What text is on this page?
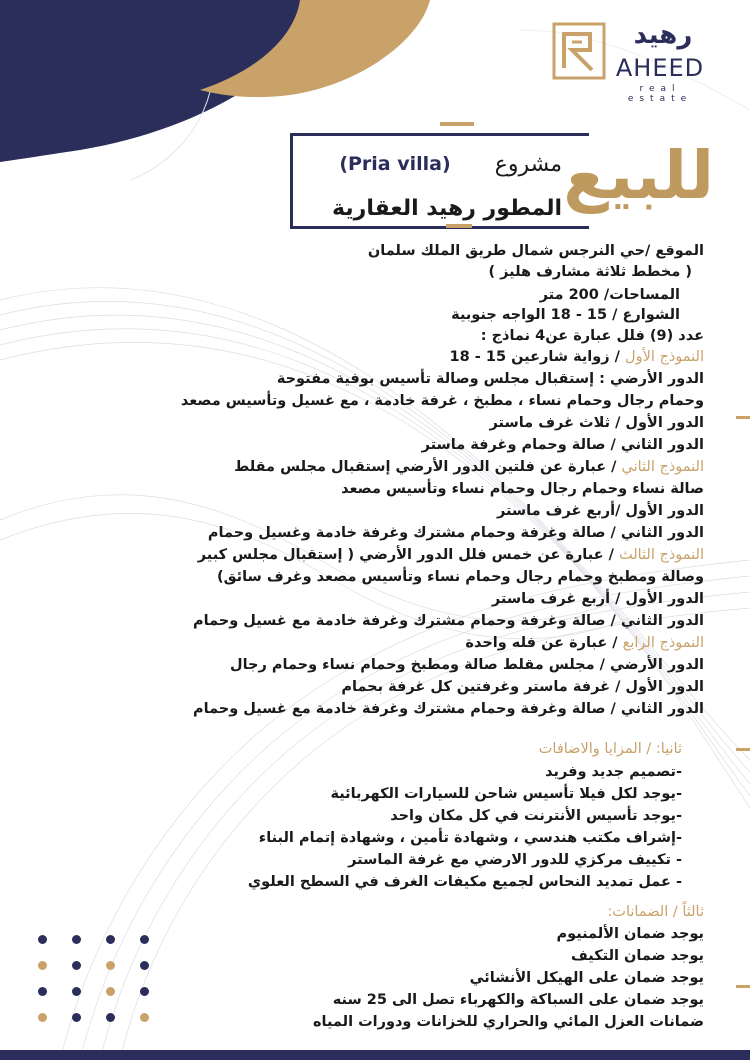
رهيد
AHEED
real estate
للبيع
(Pria villa)	مشروع
المطور رهيد العقارية
الموقع /حي النرجس شمال طريق الملك سلمان
( مخطط ثلاثة مشارف هليز )
المساحات/ 200 متر
الشوارع / 15 - 18 الواجه جنوبية
عدد (9) فلل عبارة عن4 نماذج :
النموذج الأول / زواية شارعين 15 - 18
الدور الأرضي : إستقبال مجلس وصالة تأسيس بوفية مفتوحة
وحمام رجال وحمام نساء ، مطبخ ، غرفة خادمة ، مع غسيل وتأسيس مصعد
الدور الأول / ثلاث غرف ماستر
الدور الثاني / صالة وحمام وغرفة ماستر
النموذج الثاني / عبارة عن فلتين الدور الأرضي إستقبال مجلس مقلط
صالة نساء وحمام رجال وحمام نساء وتأسيس مصعد
الدور الأول /أربع غرف ماستر
الدور الثاني / صالة وغرفة وحمام مشترك وغرفة خادمة وغسيل وحمام
النموذج الثالث / عبارة عن خمس فلل الدور الأرضي ( إستقبال مجلس كبير
وصالة ومطبخ وحمام رجال وحمام نساء وتأسيس مصعد وغرف سائق)
الدور الأول / أربع غرف ماستر
الدور الثاني / صالة وغرفة وحمام مشترك وغرفة خادمة مع غسيل وحمام
النموذج الرابع / عبارة عن فله واحدة
الدور الأرضي / مجلس مقلط صالة ومطبخ وحمام نساء وحمام رجال
الدور الأول / غرفة ماستر وغرفتين كل غرفة بحمام
الدور الثاني / صالة وغرفة وحمام مشترك وغرفة خادمة مع غسيل وحمام
ثانيا: / المزايا والاضافات
-تصميم جديد وفريد
-يوجد لكل فيلا تأسيس شاحن للسيارات الكهربائية
-يوجد تأسيس الأنترنت في كل مكان واحد
-إشراف مكتب هندسي ، وشهادة تأمين ، وشهادة إتمام البناء
- تكييف مركزي للدور الارضي مع غرفة الماستر
- عمل تمديد النحاس لجميع مكيفات الغرف في السطح العلوي
ثالثاً / الضمانات:
يوجد ضمان الألمنيوم
يوجد ضمان التكيف
يوجد ضمان على الهيكل الأنشائي
يوجد ضمان على السباكة والكهرباء تصل الى 25 سنه
ضمانات العزل المائي والحراري للخزانات ودورات المياه
